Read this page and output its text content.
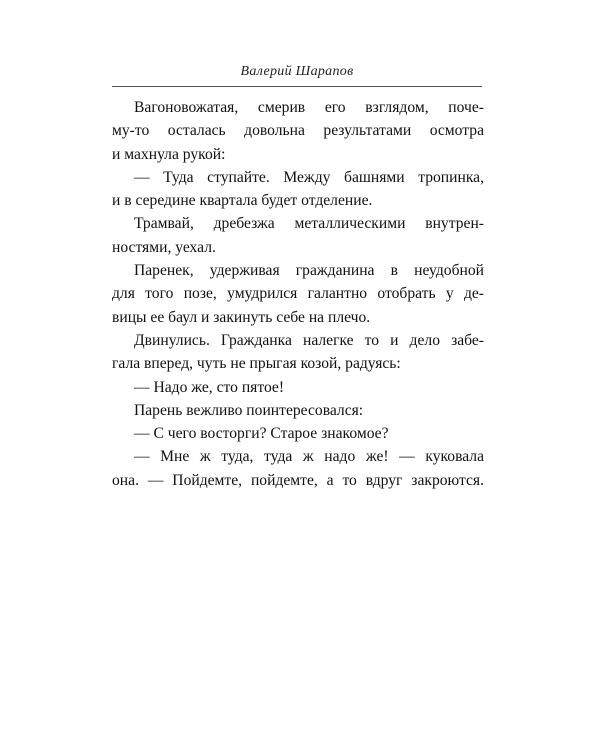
Валерий Шарапов
Вагоновожатая, смерив его взглядом, поче-
му-то осталась довольна результатами осмотра
и махнула рукой:
— Туда ступайте. Между башнями тропинка,
и в середине квартала будет отделение.
Трамвай, дребезжа металлическими внутрен-
ностями, уехал.
Паренек, удерживая гражданина в неудобной
для того позе, умудрился галантно отобрать у де-
вицы ее баул и закинуть себе на плечо.
Двинулись. Гражданка налегке то и дело забе-
гала вперед, чуть не прыгая козой, радуясь:
— Надо же, сто пятое!
Парень вежливо поинтересовался:
— С чего восторги? Старое знакомое?
— Мне ж туда, туда ж надо же! — куковала
она. — Пойдемте, пойдемте, а то вдруг закроются.
